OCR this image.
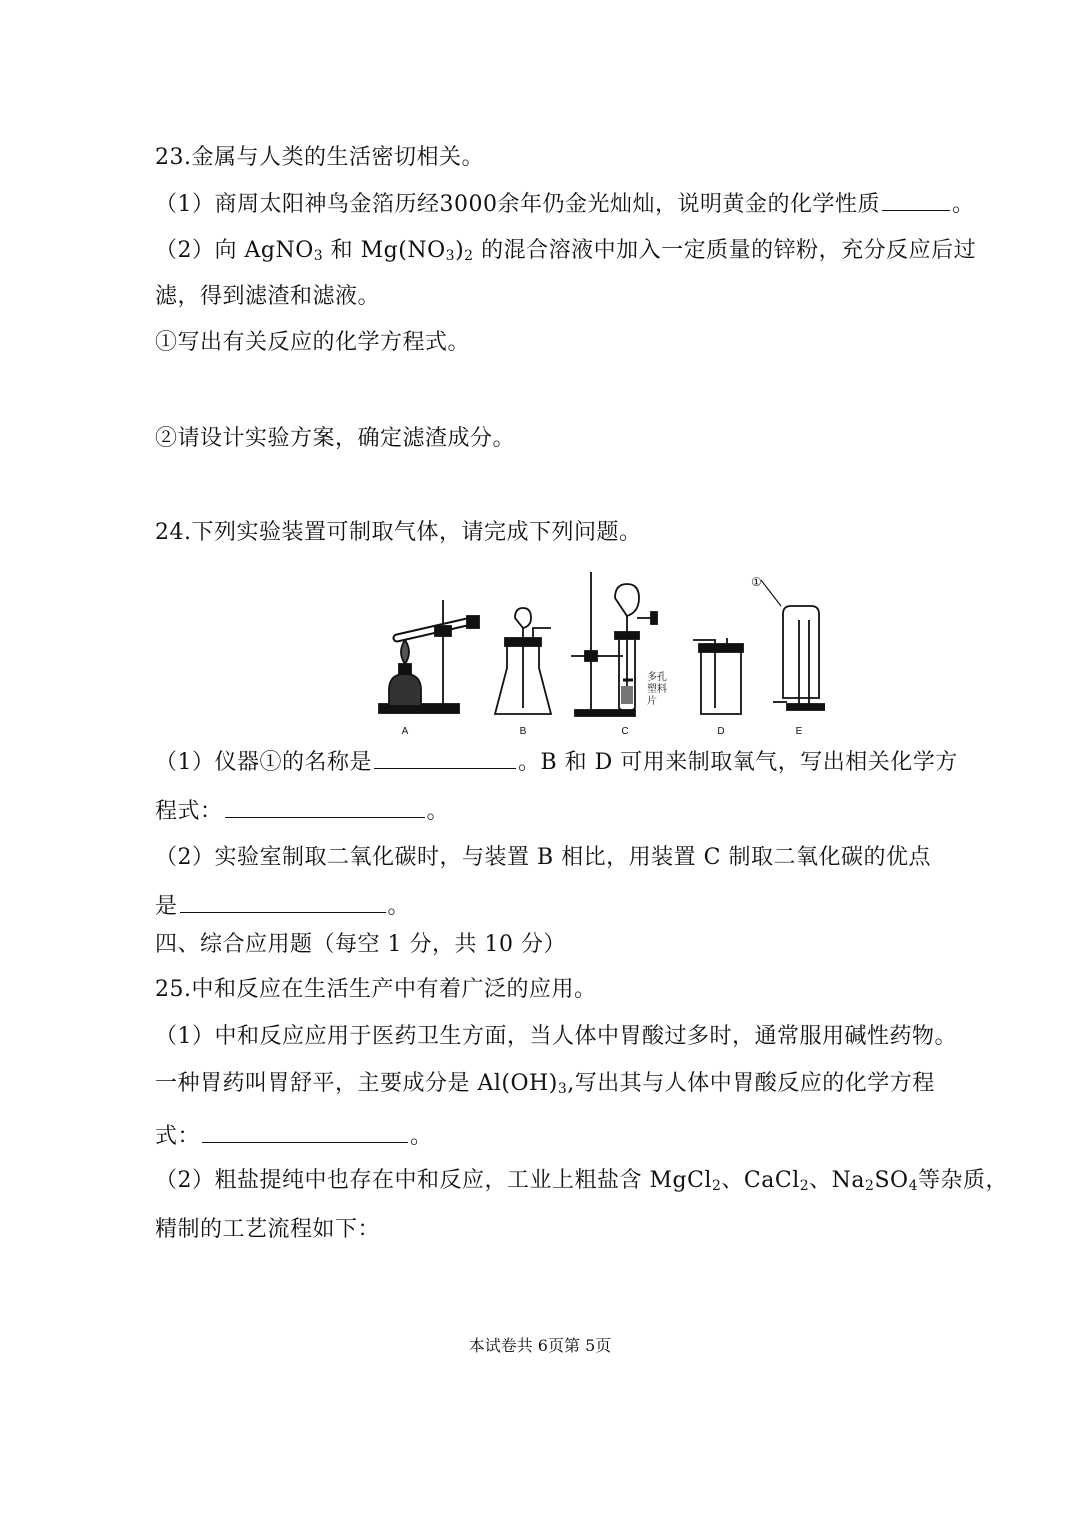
23.金属与人类的生活密切相关。
（1）商周太阳神鸟金箔历经3000余年仍金光灿灿，说明黄金的化学性质	。
（2）向 AgNO$_3$ 和 $Mg(NO_3)_2$ 的混合溶液中加入一定质量的锌粉，充分反应后过
滤，得到滤渣和滤液。
①写出有关反应的化学方程式。
②请设计实验方案，确定滤渣成分。
24.下列实验装置可制取气体，请完成下列问题。
A	B	C	D	E
多孔
塑料
片
①
（1）仪器①的名称是	。B 和 D 可用来制取氧气，写出相关化学方
程式：	。
（2）实验室制取二氧化碳时，与装置 B 相比，用装置 C 制取二氧化碳的优点
是	。
四、综合应用题（每空 1 分，共 10 分）
25.中和反应在生活生产中有着广泛的应用。
（1）中和反应应用于医药卫生方面，当人体中胃酸过多时，通常服用碱性药物。
一种胃药叫胃舒平，主要成分是 $Al(OH)_3$,写出其与人体中胃酸反应的化学方程
式：	。
（2）粗盐提纯中也存在中和反应，工业上粗盐含 MgCl$_2$、CaCl$_2$、$Na_2SO_4$等杂质，
精制的工艺流程如下：
本试卷共 6页第 5页
